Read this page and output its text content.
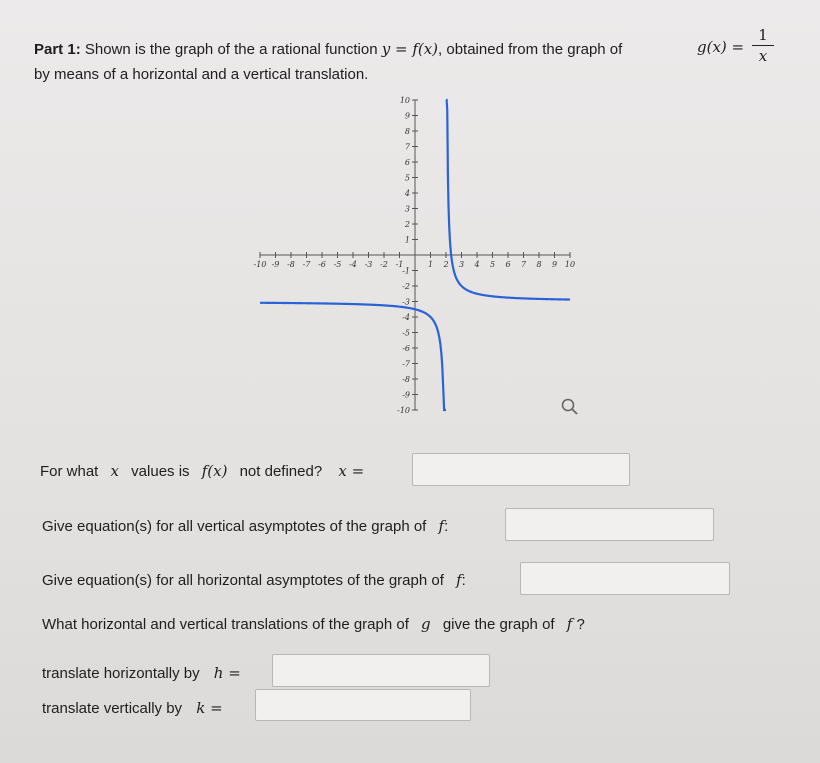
Part 1: Shown is the graph of the a rational function y = f(x), obtained from the graph of	$g(x) = \frac{1}{x}$
by means of a horizontal and a vertical translation.
-10 -9 -8 -7 -6 -5 -4 -3 -2 -1	1 2 3 4 5 6 7 8 9 10
-10
-9
-8
-7
-6
-5
-4
-3
-2
-1
1
2
3
4
5
6
7
8
9
10
For what x values is f(x) not defined? x =
Give equation(s) for all vertical asymptotes of the graph of f:
Give equation(s) for all horizontal asymptotes of the graph of f:
What horizontal and vertical translations of the graph of g give the graph of f ?
translate horizontally by h =
translate vertically by k =
